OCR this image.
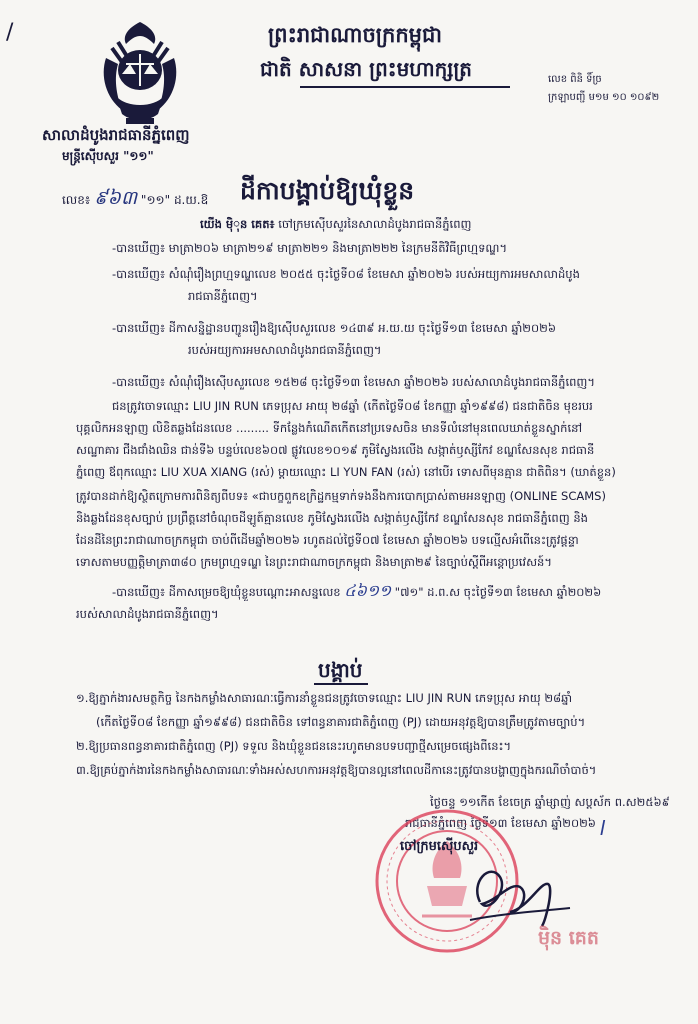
/
សាលាដំបូងរាជធានីភ្នំពេញ
មន្ត្រីស៊ើបសួរ "១១"
ព្រះរាជាណាចក្រកម្ពុជា
ជាតិ សាសនា ព្រះមហាក្សត្រ	លេខ ពិនិ ទិ៍ច្រ
ក្រឡាបញ្ជី ម១ម ១០ ១០៩២
លេខ៖ ៩៦៣ "១១" ដ.យ.ឱ ដីកាបង្គាប់ឱ្យឃុំខ្លួន
យើង ម៉ិុន គេត៖ ចៅក្រមស៊ើបសួរនៃសាលាដំបូងរាជធានីភ្នំពេញ
-បានឃើញ៖ មាត្រា២០៦ មាត្រា២១៩ មាត្រា២២១ និងមាត្រា២២២ នៃក្រមនីតិវិធីព្រហ្មទណ្ឌ។
-បានឃើញ៖ សំណុំរឿងព្រហ្មទណ្ឌលេខ ២០៥៥ ចុះថ្ងៃទី០៨ ខែមេសា ឆ្នាំ២០២៦ របស់អយ្យការអមសាលាដំបូង
រាជធានីភ្នំពេញ។
-បានឃើញ៖ ដីកាសន្និដ្ឋានបញ្ជូនរឿងឱ្យស៊ើបសួរលេខ ១៤៣៩ អ.យ.យ ចុះថ្ងៃទី១៣ ខែមេសា ឆ្នាំ២០២៦
របស់អយ្យការអមសាលាដំបូងរាជធានីភ្នំពេញ។
-បានឃើញ៖ សំណុំរឿងស៊ើបសួរលេខ ១៥២៨ ចុះថ្ងៃទី១៣ ខែមេសា ឆ្នាំ២០២៦ របស់សាលាដំបូងរាជធានីភ្នំពេញ។
ជនត្រូវចោទឈ្មោះ LIU JIN RUN ភេទប្រុស អាយុ ២៨ឆ្នាំ (កើតថ្ងៃទី០៨ ខែកញ្ញា ឆ្នាំ១៩៩៨) ជនជាតិចិន មុខរបរ
បុគ្គលិកអនឡាញ លិខិតឆ្លងដែនលេខ ......... ទីកន្លែងកំណើតកើតនៅប្រទេសចិន មានទីលំនៅមុនពេលឃាត់ខ្លួនស្នាក់នៅ
សណ្ឋាគារ ជីងជាំងឈិន ជាន់ទី៦ បន្ទប់លេខ៦០៧ ផ្លូវលេខ១០១៩ ភូមិស្វែងរលើង សង្កាត់ឫស្សីកែវ ខណ្ឌសែនសុខ រាជធានី
ភ្នំពេញ ឪពុកឈ្មោះ LIU XUA XIANG (រស់) ម្តាយឈ្មោះ LI YUN FAN (រស់) នៅបើរ ទោសពីមុនគ្មាន ជាតិពិន។ (ឃាត់ខ្លួន)
ត្រូវបានដាក់ឱ្យស្ថិតក្រោមការពិនិត្យពីបទ៖ «ជាបក្ខពួកឧក្រិដ្ឋកម្មទាក់ទងនឹងការបោកប្រាស់តាមអនឡាញ (ONLINE SCAMS)
និងឆ្លងដែនខុសច្បាប់ ប្រព្រឹត្តនៅចំណុចដីឡូត៍គ្មានលេខ ភូមិស្វែងរលើង សង្កាត់ឫស្សីកែវ ខណ្ឌសែនសុខ រាជធានីភ្នំពេញ និង
ដែនដីនៃព្រះរាជាណាចក្រកម្ពុជា ចាប់ពីដើមឆ្នាំ២០២៦ រហូតដល់ថ្ងៃទី០៧ ខែមេសា ឆ្នាំ២០២៦ បទល្មើសអំពើនេះត្រូវផ្តន្ទា
ទោសតាមបញ្ញត្តិមាត្រា៣៨០ ក្រមព្រហ្មទណ្ឌ នៃព្រះរាជាណាចក្រកម្ពុជា និងមាត្រា២៩ នៃច្បាប់ស្តីពីអន្តោប្រវេសន៍។
-បានឃើញ៖ ដីកាសម្រេចឱ្យឃុំខ្លួនបណ្តោះអាសន្នលេខ ៤៦១១ "៧១" ដ.ព.ស ចុះថ្ងៃទី១៣ ខែមេសា ឆ្នាំ២០២៦
របស់សាលាដំបូងរាជធានីភ្នំពេញ។
បង្គាប់
១.ឱ្យភ្នាក់ងារសមត្ថកិច្ច នៃកងកម្លាំងសាធារណៈធ្វើការនាំខ្លួនជនត្រូវចោទឈ្មោះ LIU JIN RUN ភេទប្រុស អាយុ ២៨ឆ្នាំ
(កើតថ្ងៃទី០៨ ខែកញ្ញា ឆ្នាំ១៩៩៨) ជនជាតិចិន ទៅពន្ធនាគារជាតិភ្នំពេញ (PJ) ដោយអនុវត្តឱ្យបានត្រឹមត្រូវតាមច្បាប់។
២.ឱ្យប្រធានពន្ធនាគារជាតិភ្នំពេញ (PJ) ទទួល និងឃុំខ្លួនជននេះរហូតមានបទបញ្ជាថ្មីសម្រេចផ្សេងពីនេះ។
៣.ឱ្យគ្រប់ភ្នាក់ងារនៃកងកម្លាំងសាធារណៈទាំងអស់សហការអនុវត្តឱ្យបានល្អនៅពេលដីកានេះត្រូវបានបង្ហាញក្នុងករណីចាំបាច់។
ថ្ងៃចន្ទ ១១កើត ខែចេត្រ ឆ្នាំម្សាញ់ សប្តស័ក ព.ស២៥៦៩
រាជធានីភ្នំពេញ ថ្ងៃទី១៣ ខែមេសា ឆ្នាំ២០២៦ ꞁ
ចៅក្រមស៊ើបសួរ
ម៉ិន គេត
